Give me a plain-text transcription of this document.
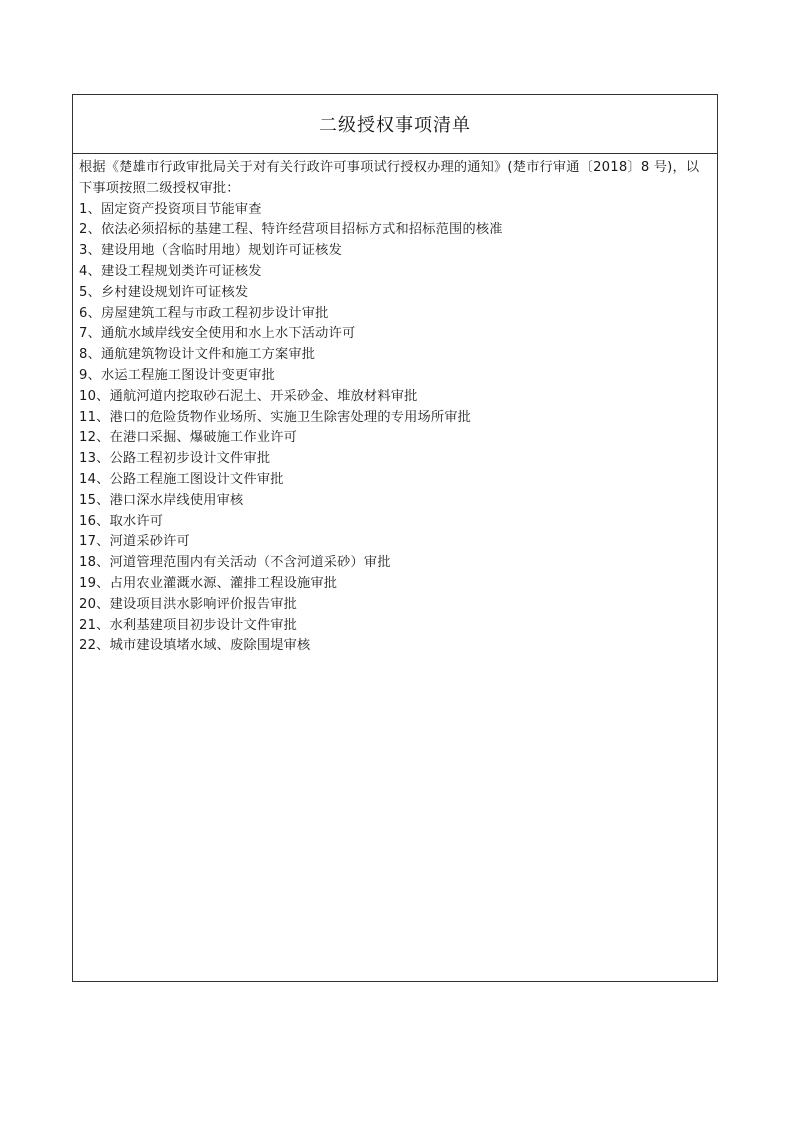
二级授权事项清单

根据《楚雄市行政审批局关于对有关行政许可事项试行授权办理的通知》(楚市行审通〔2018〕8 号)，以下事项按照二级授权审批：

1、固定资产投资项目节能审查
2、依法必须招标的基建工程、特许经营项目招标方式和招标范围的核准
3、建设用地（含临时用地）规划许可证核发
4、建设工程规划类许可证核发
5、乡村建设规划许可证核发
6、房屋建筑工程与市政工程初步设计审批
7、通航水域岸线安全使用和水上水下活动许可
8、通航建筑物设计文件和施工方案审批
9、水运工程施工图设计变更审批
10、通航河道内挖取砂石泥土、开采砂金、堆放材料审批
11、港口的危险货物作业场所、实施卫生除害处理的专用场所审批
12、在港口采掘、爆破施工作业许可
13、公路工程初步设计文件审批
14、公路工程施工图设计文件审批
15、港口深水岸线使用审核
16、取水许可
17、河道采砂许可
18、河道管理范围内有关活动（不含河道采砂）审批
19、占用农业灌溉水源、灌排工程设施审批
20、建设项目洪水影响评价报告审批
21、水利基建项目初步设计文件审批
22、城市建设填堵水域、废除围堤审核
